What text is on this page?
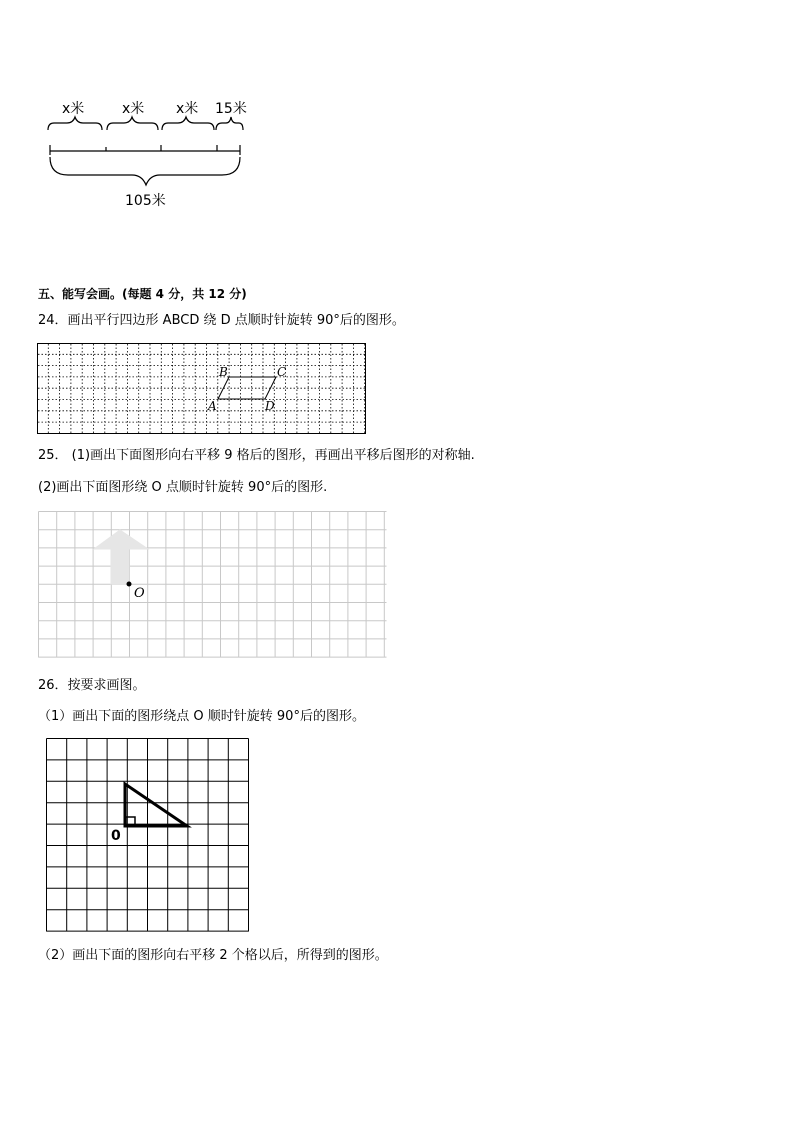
x米	x米 x米 15米
105米
五、能写会画。(每题 4 分，共 12 分)
24．画出平行四边形 ABCD 绕 D 点顺时针旋转 90°后的图形。
B	C
A	D
25． (1)画出下面图形向右平移 9 格后的图形，再画出平移后图形的对称轴.
(2)画出下面图形绕 O 点顺时针旋转 90°后的图形.
O
26．按要求画图。
（1）画出下面的图形绕点 O 顺时针旋转 90°后的图形。
0
（2）画出下面的图形向右平移 2 个格以后，所得到的图形。
